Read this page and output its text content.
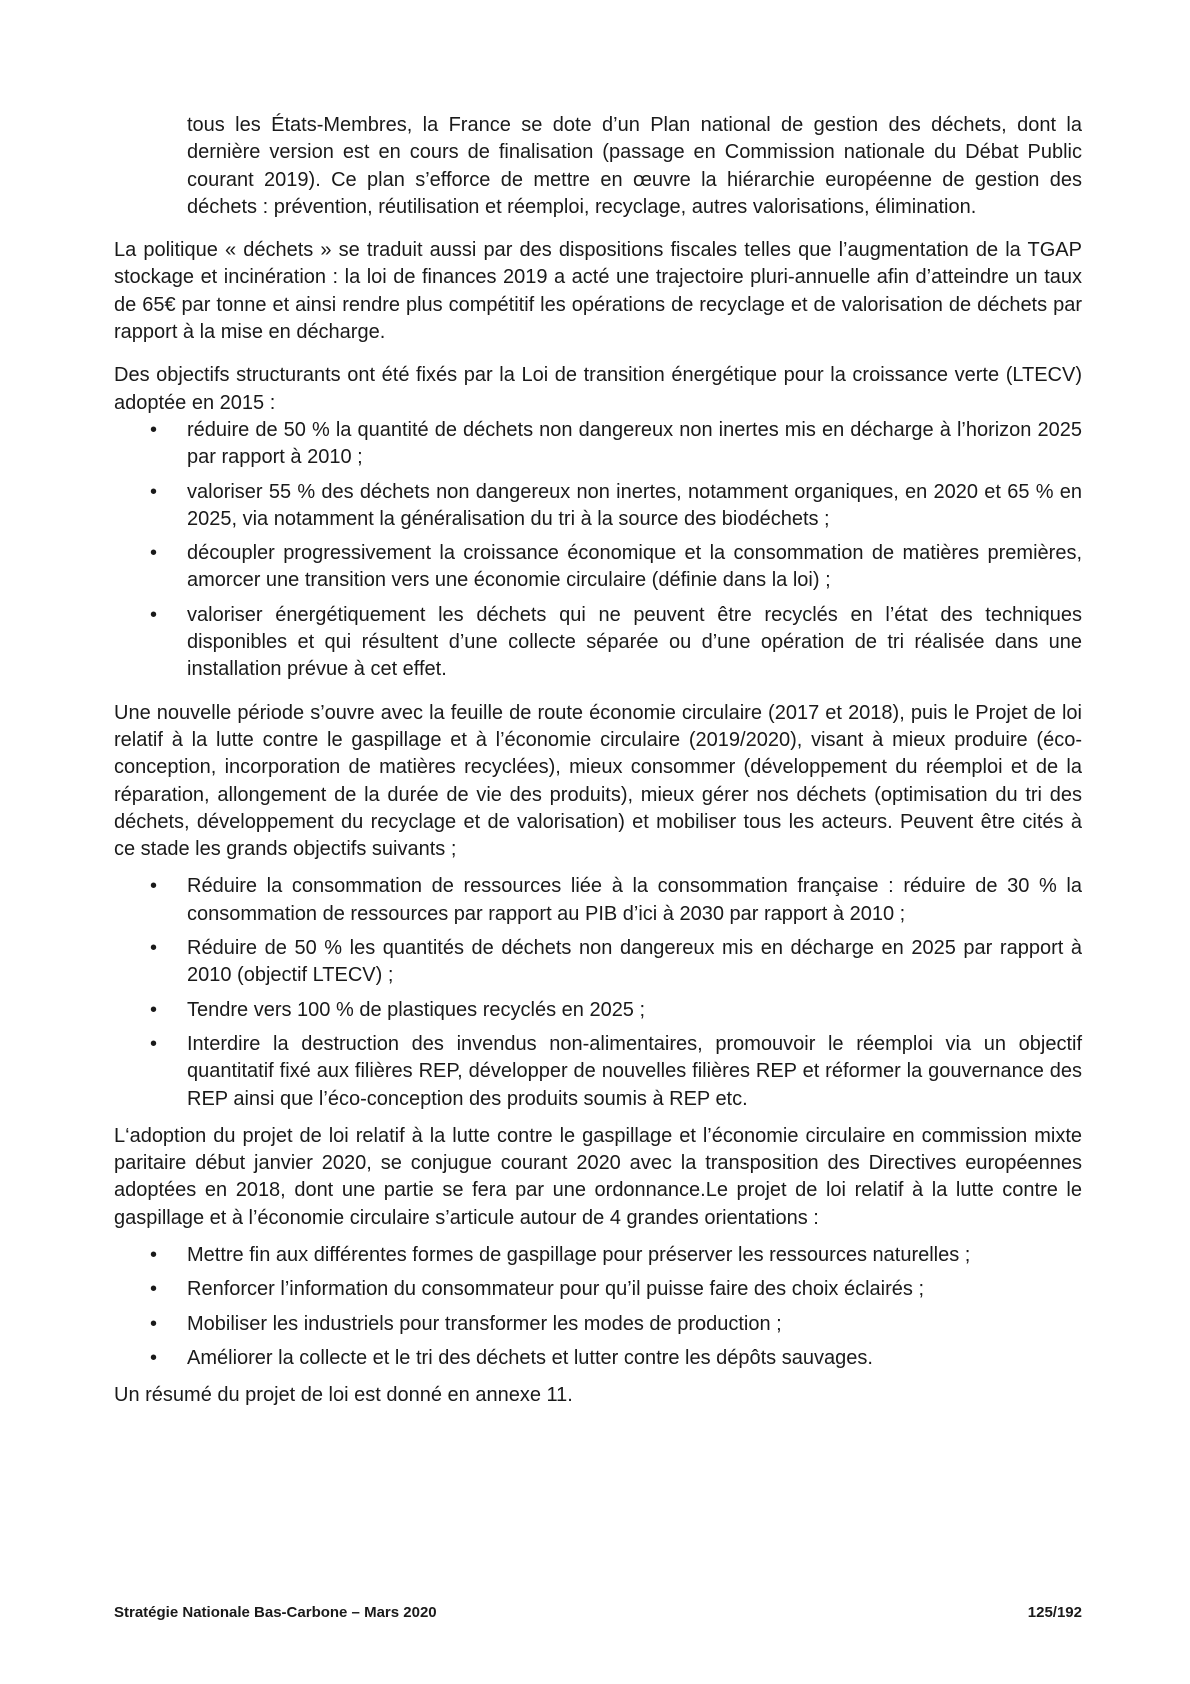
tous les États-Membres, la France se dote d’un Plan national de gestion des déchets, dont la dernière version est en cours de finalisation (passage en Commission nationale du Débat Public courant 2019). Ce plan s’efforce de mettre en œuvre la hiérarchie européenne de gestion des déchets : prévention, réutilisation et réemploi, recyclage, autres valorisations, élimination.

La politique « déchets » se traduit aussi par des dispositions fiscales telles que l’augmentation de la TGAP stockage et incinération : la loi de finances 2019 a acté une trajectoire pluri-annuelle afin d’atteindre un taux de 65€ par tonne et ainsi rendre plus compétitif les opérations de recyclage et de valorisation de déchets par rapport à la mise en décharge.

Des objectifs structurants ont été fixés par la Loi de transition énergétique pour la croissance verte (LTECV) adoptée en 2015 :

• réduire de 50 % la quantité de déchets non dangereux non inertes mis en décharge à l’horizon 2025 par rapport à 2010 ;
• valoriser 55 % des déchets non dangereux non inertes, notamment organiques, en 2020 et 65 % en 2025, via notamment la généralisation du tri à la source des biodéchets ;
• découpler progressivement la croissance économique et la consommation de matières premières, amorcer une transition vers une économie circulaire (définie dans la loi) ;
• valoriser énergétiquement les déchets qui ne peuvent être recyclés en l’état des techniques disponibles et qui résultent d’une collecte séparée ou d’une opération de tri réalisée dans une installation prévue à cet effet.

Une nouvelle période s’ouvre avec la feuille de route économie circulaire (2017 et 2018), puis le Projet de loi relatif à la lutte contre le gaspillage et à l’économie circulaire (2019/2020), visant à mieux produire (éco-conception, incorporation de matières recyclées), mieux consommer (développement du réemploi et de la réparation, allongement de la durée de vie des produits), mieux gérer nos déchets (optimisation du tri des déchets, développement du recyclage et de valorisation) et mobiliser tous les acteurs. Peuvent être cités à ce stade les grands objectifs suivants ;

• Réduire la consommation de ressources liée à la consommation française : réduire de 30 % la consommation de ressources par rapport au PIB d’ici à 2030 par rapport à 2010 ;
• Réduire de 50 % les quantités de déchets non dangereux mis en décharge en 2025 par rapport à 2010 (objectif LTECV) ;
• Tendre vers 100 % de plastiques recyclés en 2025 ;
• Interdire la destruction des invendus non-alimentaires, promouvoir le réemploi via un objectif quantitatif fixé aux filières REP, développer de nouvelles filières REP et réformer la gouvernance des REP ainsi que l’éco-conception des produits soumis à REP etc.

L‘adoption du projet de loi relatif à la lutte contre le gaspillage et l’économie circulaire en commission mixte paritaire début janvier 2020, se conjugue courant 2020 avec la transposition des Directives européennes adoptées en 2018, dont une partie se fera par une ordonnance.Le projet de loi relatif à la lutte contre le gaspillage et à l’économie circulaire s’articule autour de 4 grandes orientations :

• Mettre fin aux différentes formes de gaspillage pour préserver les ressources naturelles ;
• Renforcer l’information du consommateur pour qu’il puisse faire des choix éclairés ;
• Mobiliser les industriels pour transformer les modes de production ;
• Améliorer la collecte et le tri des déchets et lutter contre les dépôts sauvages.

Un résumé du projet de loi est donné en annexe 11.

Stratégie Nationale Bas-Carbone – Mars 2020	125/192
